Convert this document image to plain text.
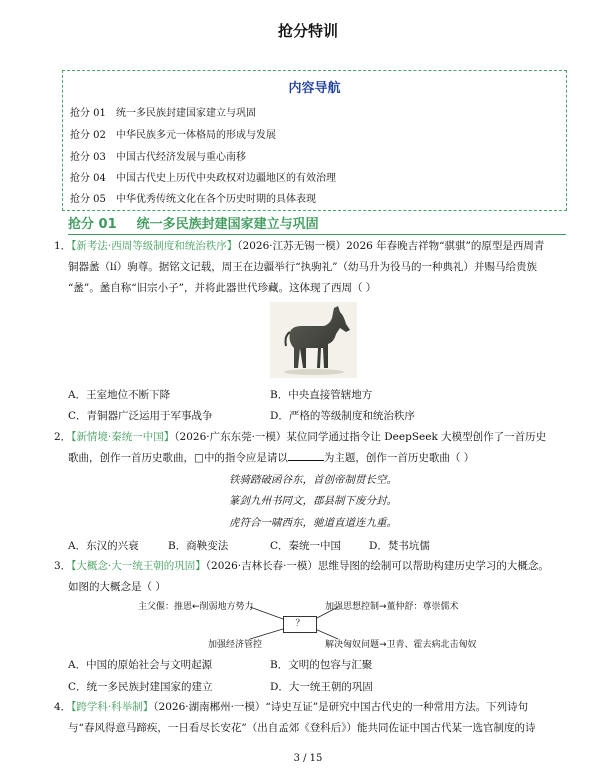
抢分特训
内容导航
抢分 01 统一多民族封建国家建立与巩固
抢分 02 中华民族多元一体格局的形成与发展
抢分 03 中国古代经济发展与重心南移
抢分 04 中国古代史上历代中央政权对边疆地区的有效治理
抢分 05 中华优秀传统文化在各个历史时期的具体表现
抢分 01 统一多民族封建国家建立与巩固
1．【新考法·西周等级制度和统治秩序】（2026·江苏无锡一模）2026 年春晚吉祥物“骐骐”的原型是西周青
铜器盠（lí）驹尊。据铭文记载，周王在边疆举行“执驹礼”（幼马升为役马的一种典礼）并赐马给贵族
“盠”。盠自称“旧宗小子”，并将此器世代珍藏。这体现了西周（ ）
A．王室地位不断下降	B．中央直接管辖地方
C．青铜器广泛运用于军事战争	D．严格的等级制度和统治秩序
2．【新情境·秦统一中国】（2026·广东东莞·一模）某位同学通过指令让 DeepSeek 大模型创作了一首历史
歌曲，创作一首历史歌曲，□中的指令应是请以	为主题，创作一首历史歌曲（ ）
铁骑踏破函谷东，首创帝制贯长空。
篆剑九州书同文，郡县制下废分封。
虎符合一啸西东，驰道直道连九重。
A．东汉的兴衰	B．商鞅变法	C．秦统一中国	D．焚书坑儒
3．【大概念·大一统王朝的巩固】（2026·吉林长春·一模）思维导图的绘制可以帮助构建历史学习的大概念。
如图的大概念是（ ）
主父偃：推恩←削弱地方势力	加强思想控制→董仲舒：尊崇儒术
加强经济管控	解决匈奴问题→卫青、霍去病北击匈奴
？
A．中国的原始社会与文明起源	B．文明的包容与汇聚
C．统一多民族封建国家的建立	D．大一统王朝的巩固
4．【跨学科·科举制】（2026·湖南郴州·一模）“诗史互证”是研究中国古代史的一种常用方法。下列诗句
与“春风得意马蹄疾，一日看尽长安花”（出自孟郊《登科后》）能共同佐证中国古代某一选官制度的诗
3 / 15
